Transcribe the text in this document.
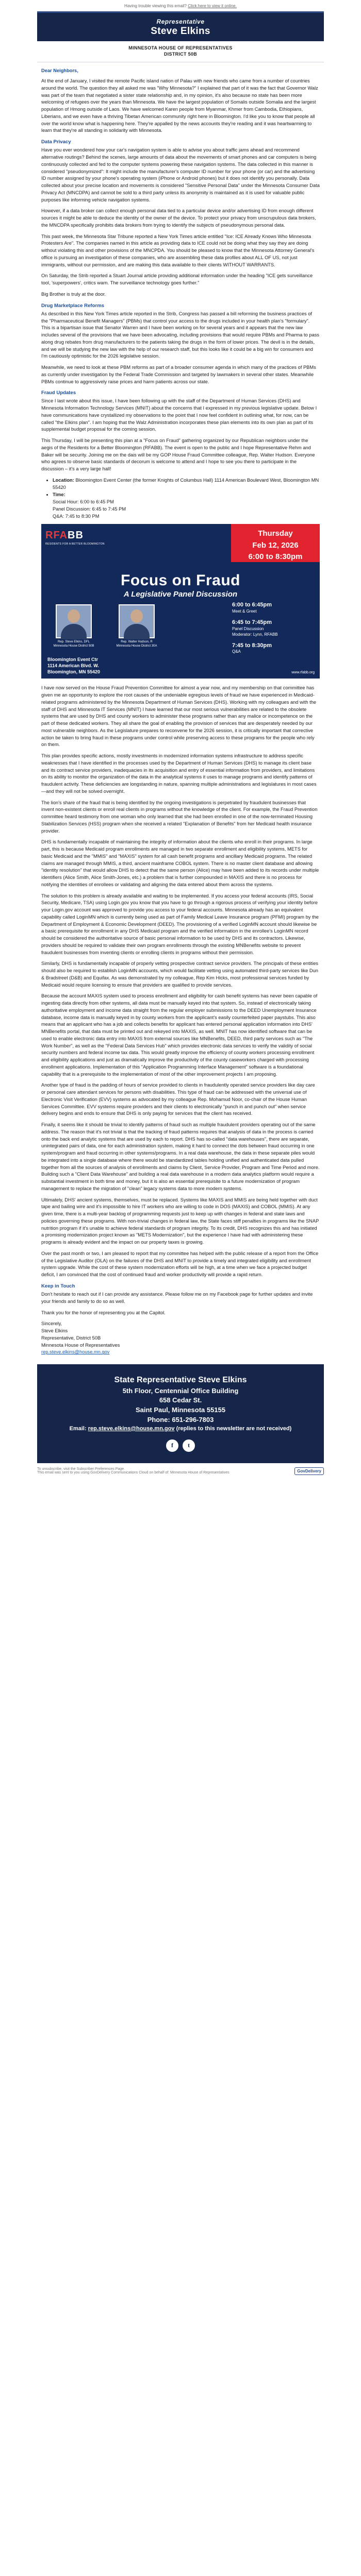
Having trouble viewing this email? Click here to view it online.
Representative
Steve Elkins
MINNESOTA HOUSE OF REPRESENTATIVES
DISTRICT 50B

Dear Neighbors,

At the end of January, I visited the remote Pacific island nation of Palau with new friends who came from a number of countries around the world. The question they all asked me was "Why Minnesota?" I explained that part of it was the fact that Governor Walz was part of the team that negotiated a sister state relationship and, in my opinion, it's also because no state has been more welcoming of refugees over the years than Minnesota. We have the largest population of Somalis outside Somalia and the largest population of Hmong outside of Laos. We have welcomed Karen people from Myanmar, Khmer from Cambodia, Ethiopians, Liberians, and we even have a thriving Tibetan American community right here in Bloomington. I'd like you to know that people all over the world know what is happening here. They're appalled by the news accounts they're reading and it was heartwarming to learn that they're all standing in solidarity with Minnesota.

Data Privacy

Have you ever wondered how your car's navigation system is able to advise you about traffic jams ahead and recommend alternative routings? Behind the scenes, large amounts of data about the movements of smart phones and car computers is being continuously collected and fed to the computer systems powering these navigation systems. The data collected in this manner is considered "pseudonymized": It might include the manufacturer's computer ID number for your phone (or car) and the advertising ID number assigned by your phone's operating system (iPhone or Android phones) but it does not identify you personally. Data collected about your precise location and movements is considered "Sensitive Personal Data" under the Minnesota Consumer Data Privacy Act (MNCDPA) and cannot be sold to a third party unless its anonymity is maintained as it is used for valuable public purposes like informing vehicle navigation systems.

However, if a data broker can collect enough personal data tied to a particular device and/or advertising ID from enough different sources it might be able to deduce the identity of the owner of the device. To protect your privacy from unscrupulous data brokers, the MNCDPA specifically prohibits data brokers from trying to identify the subjects of pseudonymous personal data.

This past week, the Minnesota Star Tribune reported a New York Times article entitled "Ice: ICE Already Knows Who Minnesota Protesters Are". The companies named in this article as providing data to ICE could not be doing what they say they are doing without violating this and other provisions of the MNCPDA. You should be pleased to know that the Minnesota Attorney General's office is pursuing an investigation of these companies, who are assembling these data profiles about ALL OF US, not just immigrants, without our permission, and are making this data available to their clients WITHOUT WARRANTS.

On Saturday, the Strib reported a Stuart Journal article providing additional information under the heading "ICE gets surveillance tool, 'superpowers', critics warn. The surveillance technology goes further."

Big Brother is truly at the door.

Drug Marketplace Reforms

As described in this New York Times article reported in the Strib, Congress has passed a bill reforming the business practices of the "Pharmaceutical Benefit Managers" (PBMs) that control your access to the drugs included in your health plan's "formulary". This is a bipartisan issue that Senator Warren and I have been working on for several years and it appears that the new law includes several of the provisions that we have been advocating, including provisions that would require PBMs and Pharma to pass along drug rebates from drug manufacturers to the patients taking the drugs in the form of lower prices. The devil is in the details, and we will be studying the new law with the help of our research staff, but this looks like it could be a big win for consumers and I'm cautiously optimistic for the 2026 legislative session.

Meanwhile, we need to look at these PBM reforms as part of a broader consumer agenda in which many of the practices of PBMs as currently under investigation by the Federal Trade Commission and targeted by lawmakers in several other states. Meanwhile PBMs continue to aggressively raise prices and harm patients across our state.

Fraud Updates

Since I last wrote about this issue, I have been following up with the staff of the Department of Human Services (DHS) and Minnesota Information Technology Services (MNIT) about the concerns that I expressed in my previous legislative update. Below I have communications have crystallized my observations to the point that I now feel confident in outlining what, for now, can be called "the Elkins plan". I am hoping that the Walz Administration incorporates these plan elements into its own plan as part of its supplemental budget proposal for the coming session.

This Thursday, I will be presenting this plan at a "Focus on Fraud" gathering organized by our Republican neighbors under the aegis of the Residents for a Better Bloomington (RFABB). The event is open to the public and I hope Representative Rehm and Baker will be security. Joining me on the dais will be my GOP House Fraud Committee colleague, Rep. Walter Hudson. Everyone who agrees to observe basic standards of decorum is welcome to attend and I hope to see you there to participate in the discussion – it's a very large hall!

• Location: Bloomington Event Center (the former Knights of Columbus Hall) 1114 American Boulevard West, Bloomington MN 55420
• Time:
Social Hour: 6:00 to 6:45 PM
Panel Discussion: 6:45 to 7:45 PM
Q&A: 7:45 to 8:30 PM
RFABB
RESIDENTS FOR A BETTER BLOOMINGTON
Thursday
Feb 12, 2026
6:00 to 8:30pm
Focus on Fraud
A Legislative Panel Discussion
Rep. Steve Elkins, DFL Minnesota House District 50B
Rep. Walter Hudson, R Minnesota House District 30A
Bloomington Event Ctr
1114 American Blvd. W.
Bloomington, MN 55420
6:00 to 6:45pm
Meet & Greet
6:45 to 7:45pm
Panel Discussion
Moderator: Lynn, RFABB
7:45 to 8:30pm
Q&A
www.rfabb.org

I have now served on the House Fraud Prevention Committee for almost a year now, and my membership on that committee has given me an opportunity to explore the root causes of the undeniable egregious levels of fraud we have experienced in Medicaid-related programs administered by the Minnesota Department of Human Services (DHS). Working with my colleagues and with the staff of DHS and Minnesota IT Services (MNIT) I have learned that our most serious vulnerabilities are related to the obsolete systems that are used by DHS and county workers to administer these programs rather than any malice or incompetence on the part of these dedicated workers. They all share the goal of enabling the provision of services that are desperately needed by our most vulnerable neighbors. As the Legislature prepares to reconvene for the 2026 session, it is critically important that corrective action be taken to bring fraud in these programs under control while preserving access to these programs for the people who rely on them.

This plan provides specific actions, mostly investments in modernized information systems infrastructure to address specific weaknesses that I have identified in the processes used by the Department of Human Services (DHS) to manage its client base and its contract service providers, inadequacies in its acquisition and entry of essential information from providers, and limitations on its ability to monitor the organization of the data in the analytical systems it uses to manage programs and identify patterns of fraudulent activity. These deficiencies are longstanding in nature, spanning multiple administrations and legislatures in most cases—and they will not be solved overnight.

The lion's share of the fraud that is being identified by the ongoing investigations is perpetrated by fraudulent businesses that invent non-existent clients or enroll real clients in programs without the knowledge of the client. For example, the Fraud Prevention committee heard testimony from one woman who only learned that she had been enrolled in one of the now-terminated Housing Stabilization Services (HSS) program when she received a related "Explanation of Benefits" from her Medicaid health insurance provider.

DHS is fundamentally incapable of maintaining the integrity of information about the clients who enroll in their programs. In large part, this is because Medicaid program enrollments are managed in two separate enrollment and eligibility systems, METS for basic Medicaid and the "MMIS" and "MAXIS" system for all cash benefit programs and ancillary Medicaid programs. The related claims are managed through MMIS, a third, ancient mainframe COBOL system. There is no master client database and allowing "identity resolution" that would allow DHS to detect that the same person (Alice) may have been added to its records under multiple identifiers (Alice Smith, Alice Smith-Jones, etc.) a problem that is further compounded in MAXIS and there is no process for notifying the identities of enrollees or validating and aligning the data entered about them across the systems.

The solution to this problem is already available and waiting to be implemented. If you access your federal accounts (IRS, Social Security, Medicare, TSA) using Login.gov you know that you have to go through a rigorous process of verifying your identity before your Login.gov account was approved to provide you access to your federal accounts. Minnesota already has an equivalent capability called LoginMN which is currently being used as part of Family Medical Leave Insurance program (PFMI) program by the Department of Employment & Economic Development (DEED). The provisioning of a verified LoginMN account should likewise be a basic prerequisite for enrollment in any DHS Medicaid program and the verified information in the enrollee's LoginMN record should be considered the authoritative source of basic personal information to be used by DHS and its contractors. Likewise, providers should be required to validate their own program enrollments through the existing MNBenefits website to prevent fraudulent businesses from inventing clients or enrolling clients in programs without their permission.

Similarly, DHS is fundamentally incapable of properly vetting prospective contract service providers. The principals of these entities should also be required to establish LoginMN accounts, which would facilitate vetting using automated third-party services like Dun & Bradstreet (D&B) and Equifax. As was demonstrated by my colleague, Rep Kim Hicks, most professional services funded by Medicaid would require licensing to ensure that providers are qualified to provide services.

Because the account MAXIS system used to process enrollment and eligibility for cash benefit systems has never been capable of ingesting data directly from other systems, all data must be manually keyed into that system. So, instead of electronically taking authoritative employment and income data straight from the regular employer submissions to the DEED Unemployment Insurance database, income data is manually keyed in by county workers from the applicant's easily counterfeited paper paystubs. This also means that an applicant who has a job and collects benefits for applicant has entered personal application information into DHS' MNBenefits portal, that data must be printed out and rekeyed into MAXIS, as well. MNIT has now identified software that can be used to enable electronic data entry into MAXIS from external sources like MNBenefits, DEED, third party services such as "The Work Number", as well as the "Federal Data Services Hub" which provides electronic data services to verify the validity of social security numbers and federal income tax data. This would greatly improve the efficiency of county workers processing enrollment and eligibility applications and just as dramatically improve the productivity of the county caseworkers charged with processing enrollment applications. Implementation of this "Application Programming Interface Management" software is a foundational capability that is a prerequisite to the implementation of most of the other improvement projects I am proposing.

Another type of fraud is the padding of hours of service provided to clients in fraudulently operated service providers like day care or personal care attendant services for persons with disabilities. This type of fraud can be addressed with the universal use of Electronic Visit Verification (EVV) systems as advocated by my colleague Rep. Mohamud Noor, co-chair of the House Human Services Committee. EVV systems require providers and their clients to electronically "punch in and punch out" when service delivery begins and ends to ensure that DHS is only paying for services that the client has received.

Finally, it seems like it should be trivial to identify patterns of fraud such as multiple fraudulent providers operating out of the same address. The reason that it's not trivial is that the tracking of fraud patterns requires that analysis of data in the process is carried onto the back end analytic systems that are used by each to report. DHS has so-called "data warehouses", there are separate, unintegrated pairs of data, one for each administration system, making it hard to connect the dots between fraud occurring in one system/program and fraud occurring in other systems/programs. In a real data warehouse, the data in these separate piles would be integrated into a single database where there would be standardized tables holding unified and authenticated data pulled together from all the sources of analysis of enrollments and claims by Client, Service Provider, Program and Time Period and more. Building such a "Client Data Warehouse" and building a real data warehouse in a modern data analytics platform would require a substantial investment in both time and money, but it is also an essential prerequisite to a future modernization of program management to replace the migration of "clean" legacy systems data to more modern systems.

Ultimately, DHS' ancient systems, themselves, must be replaced. Systems like MAXIS and MMIS are being held together with duct tape and bailing wire and it's impossible to hire IT workers who are willing to code in DOS (MAXIS) and COBOL (MMIS). At any given time, there is a multi-year backlog of programming requests just to keep up with changes in federal and state laws and policies governing these programs. With non-trivial changes in federal law, the State faces stiff penalties in programs like the SNAP nutrition program if it's unable to achieve federal standards of program integrity. To its credit, DHS recognizes this and has initiated a promising modernization project known as "METS Modernization", but the experience I have had with administering these programs is already evident and the impact on our property taxes is growing.

Over the past month or two, I am pleased to report that my committee has helped with the public release of a report from the Office of the Legislative Auditor (OLA) on the failures of the DHS and MNIT to provide a timely and integrated eligibility and enrollment system upgrade. While the cost of these system modernization efforts will be high, at a time when we face a projected budget deficit, I am convinced that the cost of continued fraud and worker productivity will provide a rapid return.

Keep in Touch

Don't hesitate to reach out if I can provide any assistance. Please follow me on my Facebook page for further updates and invite your friends and family to do so as well.

Thank you for the honor of representing you at the Capitol.

Sincerely,
Steve Elkins
Representative, District 50B
Minnesota House of Representatives
rep.steve.elkins@house.mn.gov
State Representative Steve Elkins
5th Floor, Centennial Office Building
658 Cedar St.
Saint Paul, Minnesota 55155
Phone: 651-296-7803
Email: rep.steve.elkins@house.mn.gov (replies to this newsletter are not received)
f	t
To unsubscribe, visit the Subscriber Preferences Page.
This email was sent to you using GovDelivery Communications Cloud on behalf of: Minnesota House of Representatives	GovDelivery
